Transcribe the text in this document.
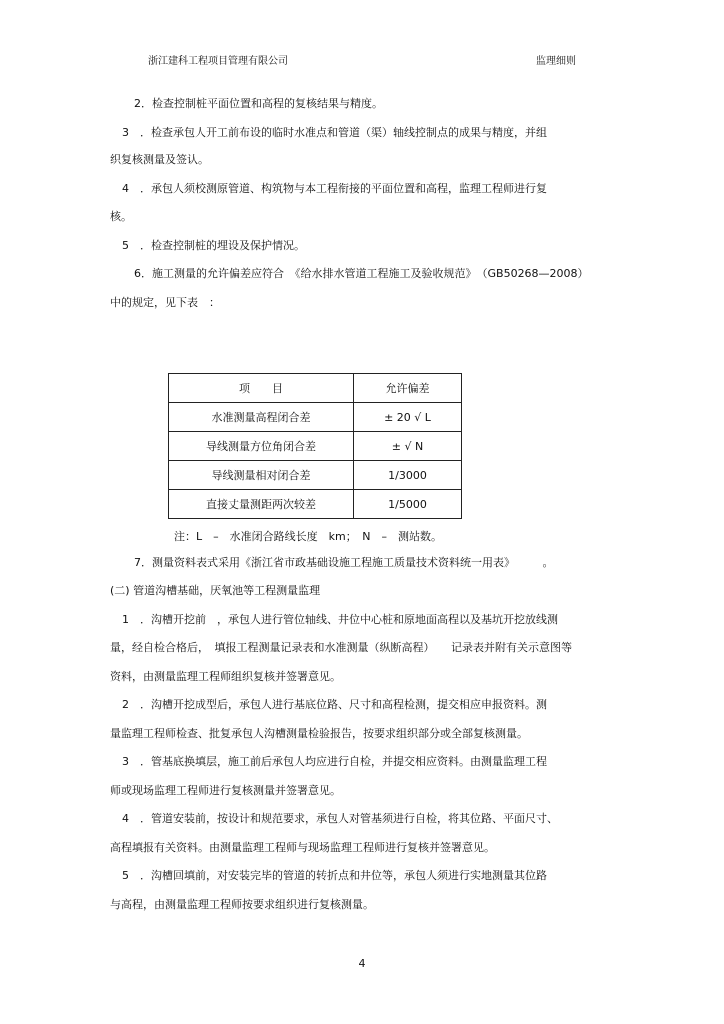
浙江建科工程项目管理有限公司	监理细则
2．检查控制桩平面位置和高程的复核结果与精度。
3　．检查承包人开工前布设的临时水准点和管道（渠）轴线控制点的成果与精度，并组
织复核测量及签认。
4　．承包人须校测原管道、构筑物与本工程衔接的平面位置和高程，监理工程师进行复
核。
5　．检查控制桩的埋设及保护情况。
6．施工测量的允许偏差应符合　《给水排水管道工程施工及验收规范》　（GB50268—2008）
中的规定，见下表　：
项　　目	允许偏差
水准测量高程闭合差	± 20 √ L
导线测量方位角闭合差	± √ N
导线测量相对闭合差	1/3000
直接丈量测距两次较差	1/5000
注：L　–　水准闭合路线长度　km；　N　–　测站数。
7．测量资料表式采用《浙江省市政基础设施工程施工质量技术资料统一用表》　　　。
(二) 管道沟槽基础，厌氧池等工程测量监理
1　．沟槽开挖前　，承包人进行管位轴线、井位中心桩和原地面高程以及基坑开挖放线测
量，经自检合格后，　填报工程测量记录表和水准测量（纵断高程）　　记录表并附有关示意图等
资料，由测量监理工程师组织复核并签署意见。
2　．沟槽开挖成型后，承包人进行基底位路、尺寸和高程检测，提交相应申报资料。测
量监理工程师检查、批复承包人沟槽测量检验报告，按要求组织部分或全部复核测量。
3　．管基底换填层，施工前后承包人均应进行自检，并提交相应资料。由测量监理工程
师或现场监理工程师进行复核测量并签署意见。
4　．管道安装前，按设计和规范要求，承包人对管基须进行自检，将其位路、平面尺寸、
高程填报有关资料。由测量监理工程师与现场监理工程师进行复核并签署意见。
5　．沟槽回填前，对安装完毕的管道的转折点和井位等，承包人须进行实地测量其位路
与高程，由测量监理工程师按要求组织进行复核测量。
4
